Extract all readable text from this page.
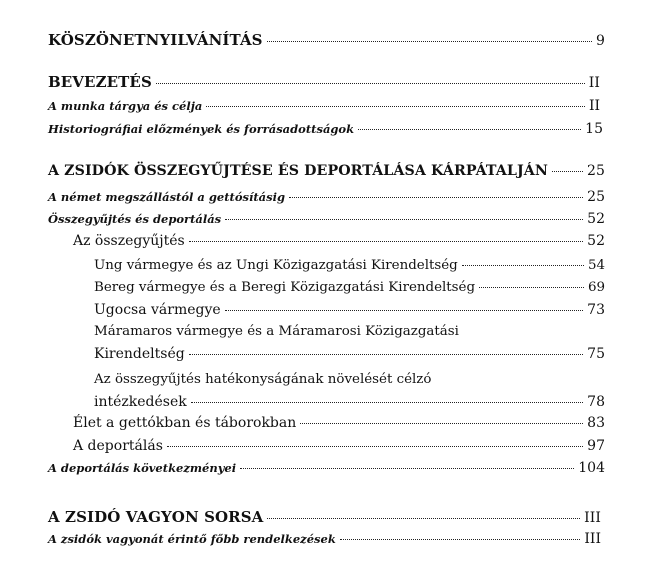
KÖSZÖNETNYILVÁNÍTÁS	9
BEVEZETÉS	II
A munka tárgya és célja	II
Historiográfiai előzmények és forrásadottságok	15
A ZSIDÓK ÖSSZEGYŰJTÉSE ÉS DEPORTÁLÁSA KÁRPÁTALJÁN	25
A német megszállástól a gettósításig	25
Összegyűjtés és deportálás	52
Az összegyűjtés	52
Ung vármegye és az Ungi Közigazgatási Kirendeltség	54
Bereg vármegye és a Beregi Közigazgatási Kirendeltség	69
Ugocsa vármegye	73
Máramaros vármegye és a Máramarosi Közigazgatási
Kirendeltség	75
Az összegyűjtés hatékonyságának növelését célzó
intézkedések	78
Élet a gettókban és táborokban	83
A deportálás	97
A deportálás következményei	104
A ZSIDÓ VAGYON SORSA	III
A zsidók vagyonát érintő főbb rendelkezések	III
